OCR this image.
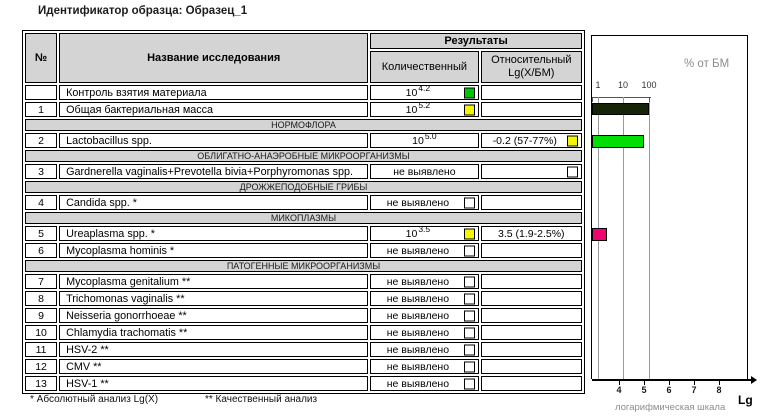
Идентификатор образца: Образец_1
№	Название исследования	Результаты	
		Количественный	Относительный Lg(X/БМ)
	Контроль взятия материала	$10^{4.2}$

1	Общая бактериальная масса	$10^{5.2}$

НОРМОФЛОРА			
2	Lactobacillus spp.	$10^{5.0}$	-0.2 (57-77%)

ОБЛИГАТНО-АНАЭРОБНЫЕ МИКРООРГАНИЗМЫ			
3	Gardnerella vaginalis+Prevotella bivia+Porphyromonas spp.	не выявлено	

ДРОЖЖЕПОДОБНЫЕ ГРИБЫ			
4	Candida spp. *	не выявлено

МИКОПЛАЗМЫ			
5	Ureaplasma spp. *	$10^{3.5}$	3.5 (1.9-2.5%)
6	Mycoplasma hominis *	не выявлено

ПАТОГЕННЫЕ МИКРООРГАНИЗМЫ			
7	Mycoplasma genitalium **	не выявлено

8	Trichomonas vaginalis **	не выявлено

9	Neisseria gonorrhoeae **	не выявлено

10	Chlamydia trachomatis **	не выявлено

11	HSV-2 **	не выявлено

12	CMV **	не выявлено

13	HSV-1 **	не выявлено

* Абсолютный анализ Lg(X)	** Качественный анализ
% от БМ
Lg
логарифмическая шкала
1 10 100
4 5 6 7 8
